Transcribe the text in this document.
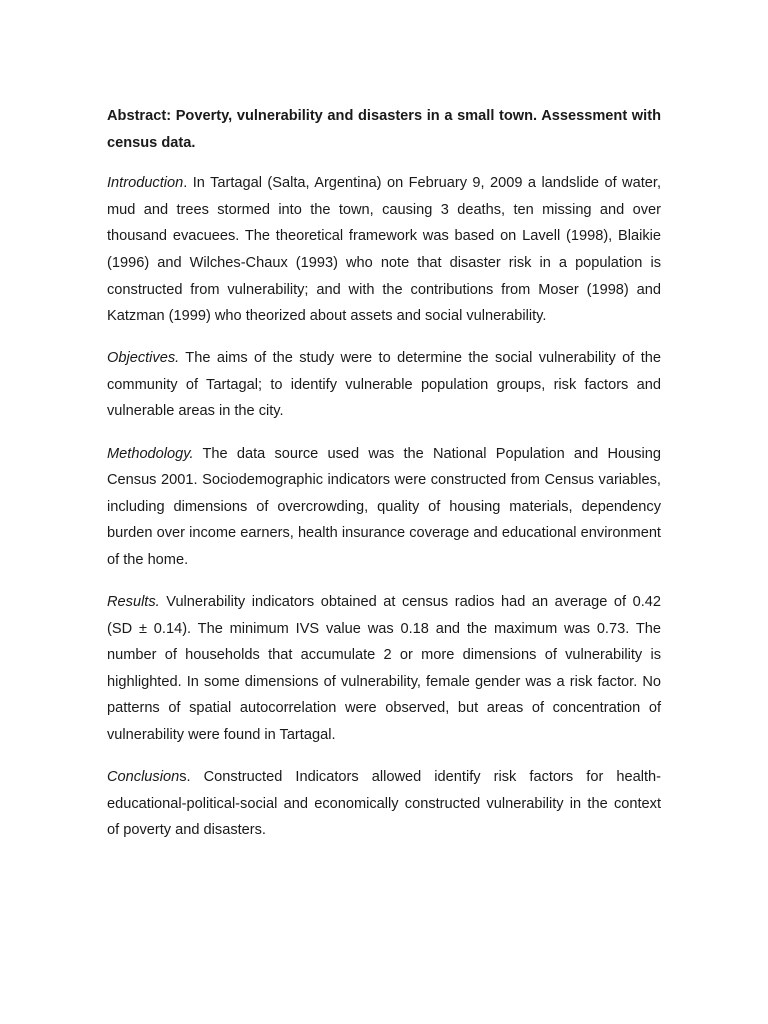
Abstract: Poverty, vulnerability and disasters in a small town. Assessment with census data.

Introduction. In Tartagal (Salta, Argentina) on February 9, 2009 a landslide of water, mud and trees stormed into the town, causing 3 deaths, ten missing and over thousand evacuees. The theoretical framework was based on Lavell (1998), Blaikie (1996) and Wilches-Chaux (1993) who note that disaster risk in a population is constructed from vulnerability; and with the contributions from Moser (1998) and Katzman (1999) who theorized about assets and social vulnerability.

Objectives. The aims of the study were to determine the social vulnerability of the community of Tartagal; to identify vulnerable population groups, risk factors and vulnerable areas in the city.

Methodology. The data source used was the National Population and Housing Census 2001. Sociodemographic indicators were constructed from Census variables, including dimensions of overcrowding, quality of housing materials, dependency burden over income earners, health insurance coverage and educational environment of the home.

Results. Vulnerability indicators obtained at census radios had an average of 0.42 (SD ± 0.14). The minimum IVS value was 0.18 and the maximum was 0.73. The number of households that accumulate 2 or more dimensions of vulnerability is highlighted. In some dimensions of vulnerability, female gender was a risk factor. No patterns of spatial autocorrelation were observed, but areas of concentration of vulnerability were found in Tartagal.

Conclusions. Constructed Indicators allowed identify risk factors for health-educational-political-social and economically constructed vulnerability in the context of poverty and disasters.
